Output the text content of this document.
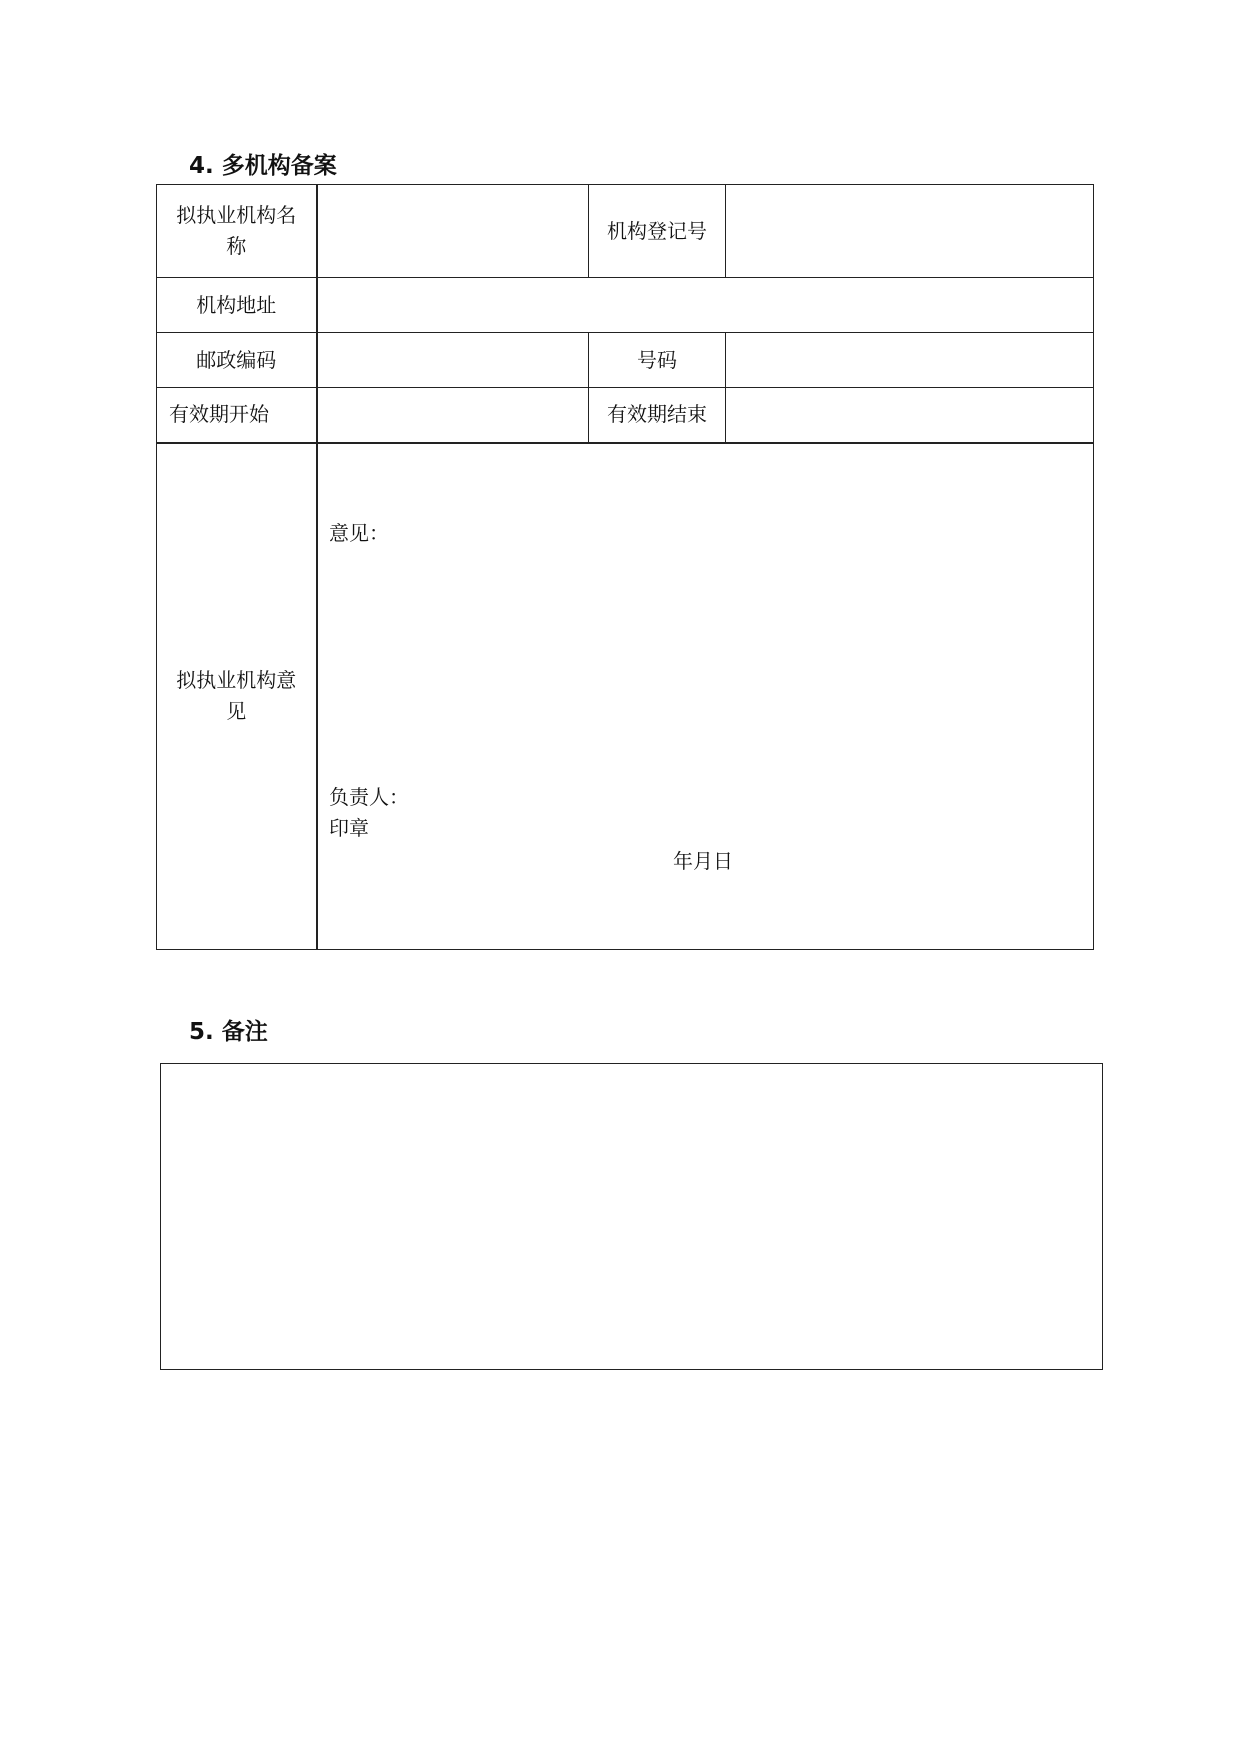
4. 多机构备案
拟执业机构名称		机构登记号	
机构地址			
邮政编码		号码	
有效期开始		有效期结束	
拟执业机构意见			
意见：
负责人：
印章
年月日
5. 备注
